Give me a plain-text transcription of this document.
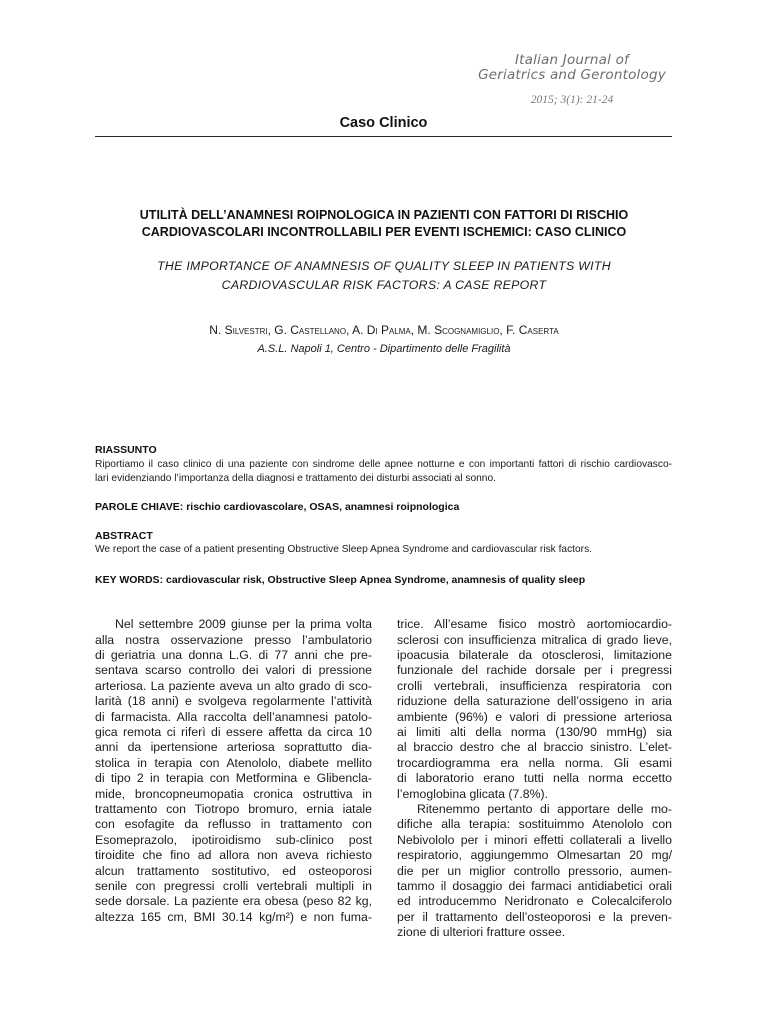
Italian Journal of
Geriatrics and Gerontology
2015; 3(1): 21-24
Caso Clinico
UTILITÀ DELL’ANAMNESI ROIPNOLOGICA IN PAZIENTI CON FATTORI DI RISCHIO
CARDIOVASCOLARI INCONTROLLABILI PER EVENTI ISCHEMICI: CASO CLINICO
THE IMPORTANCE OF ANAMNESIS OF QUALITY SLEEP IN PATIENTS WITH
CARDIOVASCULAR RISK FACTORS: A CASE REPORT
N. Silvestri, G. Castellano, A. Di Palma, M. Scognamiglio, F. Caserta
A.S.L. Napoli 1, Centro - Dipartimento delle Fragilità
RIASSUNTO
Riportiamo il caso clinico di una paziente con sindrome delle apnee notturne e con importanti fattori di rischio cardiovasco-
lari evidenziando l’importanza della diagnosi e trattamento dei disturbi associati al sonno.
PAROLE CHIAVE: rischio cardiovascolare, OSAS, anamnesi roipnologica
ABSTRACT
We report the case of a patient presenting Obstructive Sleep Apnea Syndrome and cardiovascular risk factors.
KEY WORDS: cardiovascular risk, Obstructive Sleep Apnea Syndrome, anamnesis of quality sleep
Nel settembre 2009 giunse per la prima volta
alla nostra osservazione presso l’ambulatorio
di geriatria una donna L.G. di 77 anni che pre-
sentava scarso controllo dei valori di pressione
arteriosa. La paziente aveva un alto grado di sco-
larità (18 anni) e svolgeva regolarmente l’attività
di farmacista. Alla raccolta dell’anamnesi patolo-
gica remota ci riferì di essere affetta da circa 10
anni da ipertensione arteriosa soprattutto dia-
stolica in terapia con Atenololo, diabete mellito
di tipo 2 in terapia con Metformina e Glibencla-
mide, broncopneumopatia cronica ostruttiva in
trattamento con Tiotropo bromuro, ernia iatale
con esofagite da reflusso in trattamento con
Esomeprazolo, ipotiroidismo sub-clinico post
tiroidite che fino ad allora non aveva richiesto
alcun trattamento sostitutivo, ed osteoporosi
senile con pregressi crolli vertebrali multipli in
sede dorsale. La paziente era obesa (peso 82 kg,
altezza 165 cm, BMI 30.14 kg/m²) e non fuma-
trice. All’esame fisico mostrò aortomiocardio-
sclerosi con insufficienza mitralica di grado lieve,
ipoacusia bilaterale da otosclerosi, limitazione
funzionale del rachide dorsale per i pregressi
crolli vertebrali, insufficienza respiratoria con
riduzione della saturazione dell’ossigeno in aria
ambiente (96%) e valori di pressione arteriosa
ai limiti alti della norma (130/90 mmHg) sia
al braccio destro che al braccio sinistro. L’elet-
trocardiogramma era nella norma. Gli esami
di laboratorio erano tutti nella norma eccetto
l’emoglobina glicata (7.8%).
Ritenemmo pertanto di apportare delle mo-
difiche alla terapia: sostituimmo Atenololo con
Nebivololo per i minori effetti collaterali a livello
respiratorio, aggiungemmo Olmesartan 20 mg/
die per un miglior controllo pressorio, aumen-
tammo il dosaggio dei farmaci antidiabetici orali
ed introducemmo Neridronato e Colecalciferolo
per il trattamento dell’osteoporosi e la preven-
zione di ulteriori fratture ossee.
